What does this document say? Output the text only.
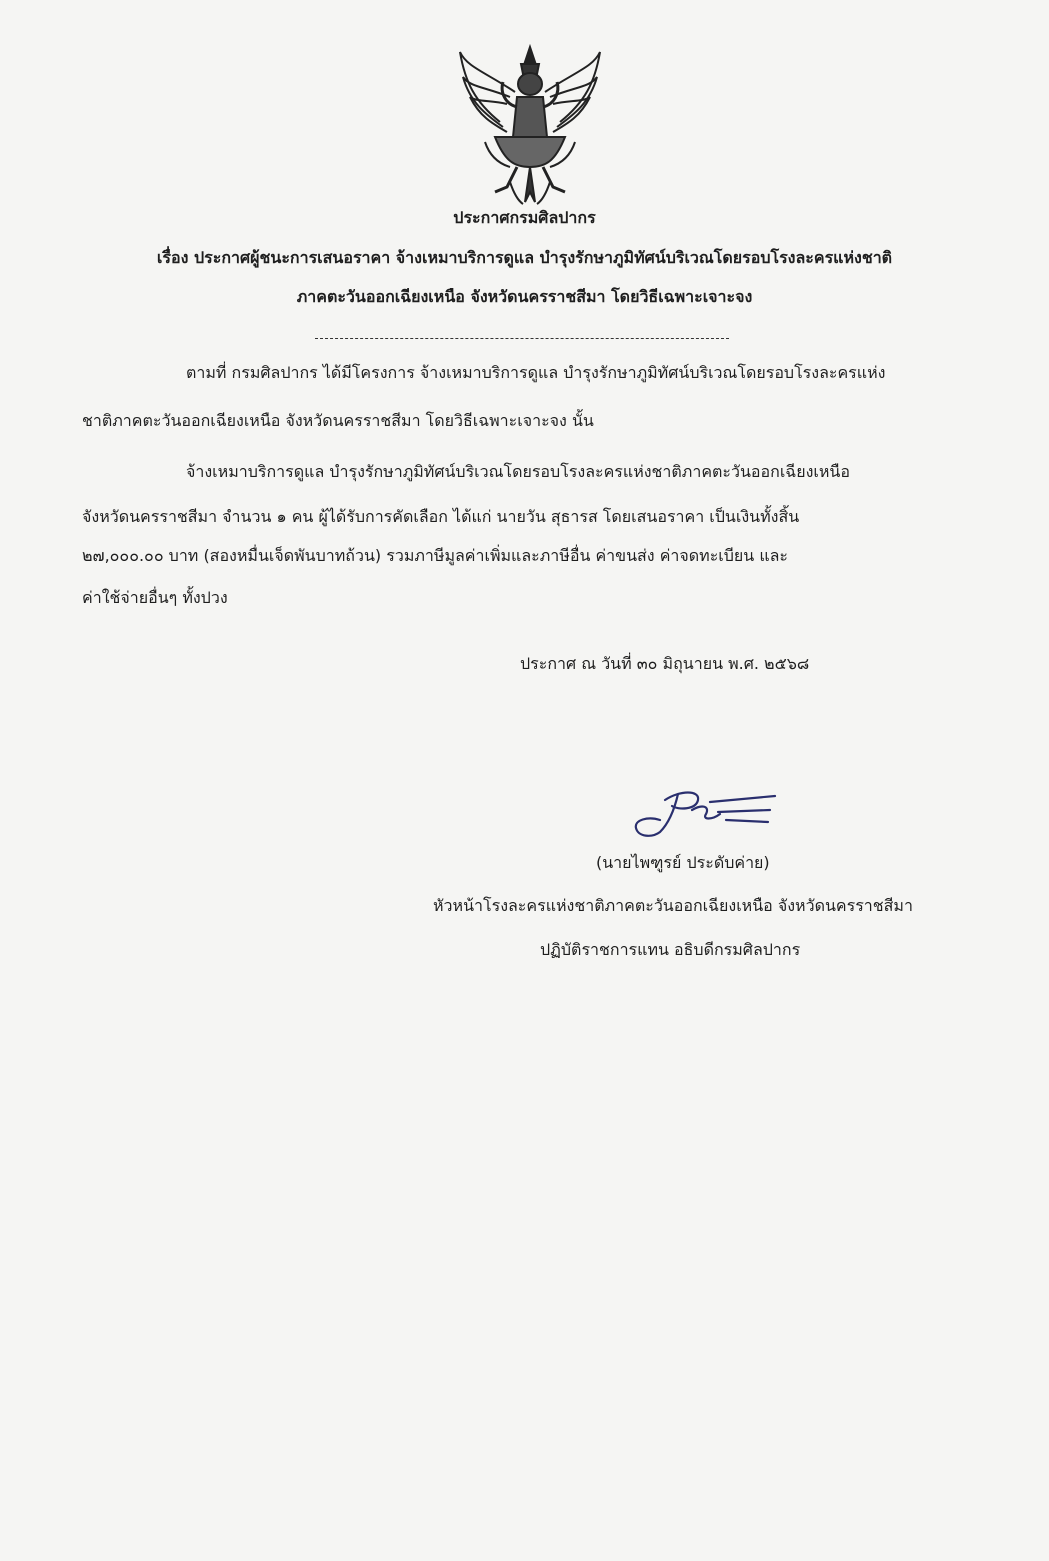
ประกาศกรมศิลปากร
เรื่อง ประกาศผู้ชนะการเสนอราคา จ้างเหมาบริการดูแล บำรุงรักษาภูมิทัศน์บริเวณโดยรอบโรงละครแห่งชาติ
ภาคตะวันออกเฉียงเหนือ จังหวัดนครราชสีมา โดยวิธีเฉพาะเจาะจง
ตามที่ กรมศิลปากร ได้มีโครงการ จ้างเหมาบริการดูแล บำรุงรักษาภูมิทัศน์บริเวณโดยรอบโรงละครแห่ง
ชาติภาคตะวันออกเฉียงเหนือ จังหวัดนครราชสีมา โดยวิธีเฉพาะเจาะจง นั้น
จ้างเหมาบริการดูแล บำรุงรักษาภูมิทัศน์บริเวณโดยรอบโรงละครแห่งชาติภาคตะวันออกเฉียงเหนือ
จังหวัดนครราชสีมา จำนวน ๑ คน ผู้ได้รับการคัดเลือก ได้แก่ นายวัน สุธารส โดยเสนอราคา เป็นเงินทั้งสิ้น
๒๗,๐๐๐.๐๐ บาท (สองหมื่นเจ็ดพันบาทถ้วน) รวมภาษีมูลค่าเพิ่มและภาษีอื่น ค่าขนส่ง ค่าจดทะเบียน และ
ค่าใช้จ่ายอื่นๆ ทั้งปวง
ประกาศ ณ วันที่ ๓๐ มิถุนายน พ.ศ. ๒๕๖๘
(นายไพฑูรย์ ประดับค่าย)
หัวหน้าโรงละครแห่งชาติภาคตะวันออกเฉียงเหนือ จังหวัดนครราชสีมา
ปฏิบัติราชการแทน อธิบดีกรมศิลปากร
